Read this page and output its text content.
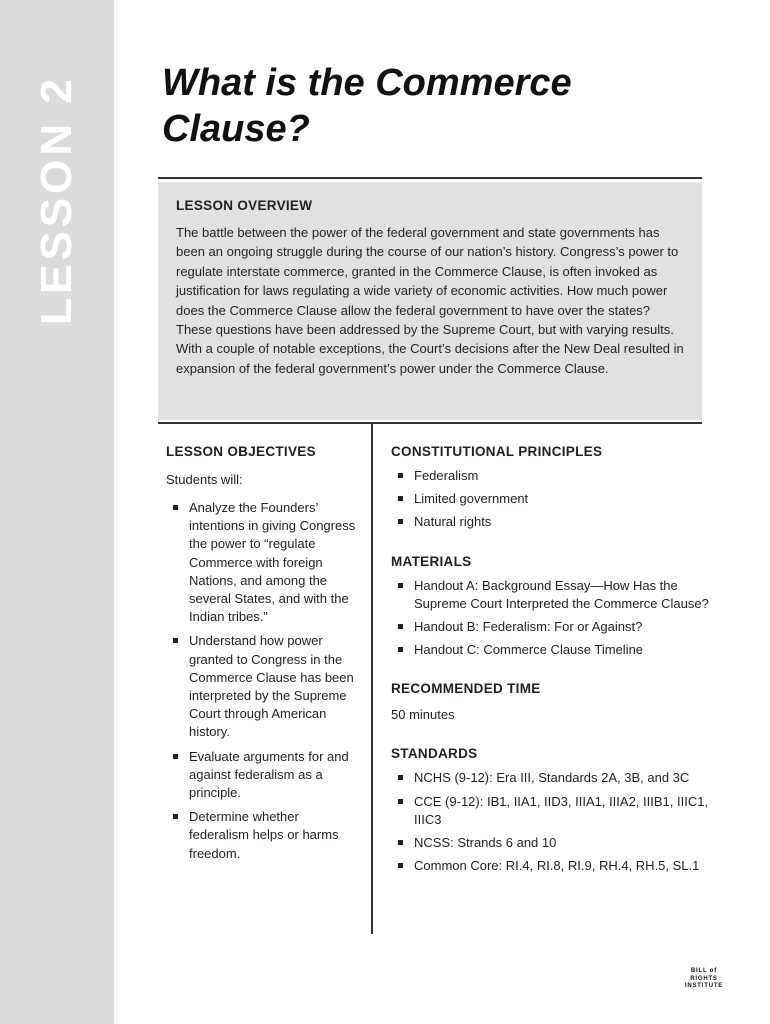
LESSON 2 What is the Commerce Clause?
LESSON OVERVIEW

The battle between the power of the federal government and state governments has been an ongoing struggle during the course of our nation’s history. Congress’s power to regulate interstate commerce, granted in the Commerce Clause, is often invoked as justification for laws regulating a wide variety of economic activities. How much power does the Commerce Clause allow the federal government to have over the states? These questions have been addressed by the Supreme Court, but with varying results. With a couple of notable exceptions, the Court’s decisions after the New Deal resulted in expansion of the federal government’s power under the Commerce Clause.

LESSON OBJECTIVES

Students will:

Analyze the Founders’ intentions in giving Congress the power to “regulate Commerce with foreign Nations, and among the several States, and with the Indian tribes.”
Understand how power granted to Congress in the Commerce Clause has been interpreted by the Supreme Court through American history.
Evaluate arguments for and against federalism as a principle.
Determine whether federalism helps or harms freedom.
CONSTITUTIONAL PRINCIPLES
Federalism
Limited government
Natural rights
MATERIALS
Handout A: Background Essay—How Has the Supreme Court Interpreted the Commerce Clause?
Handout B: Federalism: For or Against?
Handout C: Commerce Clause Timeline
RECOMMENDED TIME

50 minutes

STANDARDS
NCHS (9-12): Era III, Standards 2A, 3B, and 3C
CCE (9-12): IB1, IIA1, IID3, IIIA1, IIIA2, IIIB1, IIIC1, IIIC3
NCSS: Strands 6 and 10
Common Core: RI.4, RI.8, RI.9, RH.4, RH.5, SL.1
BILL of RIGHTS
INSTITUTE
